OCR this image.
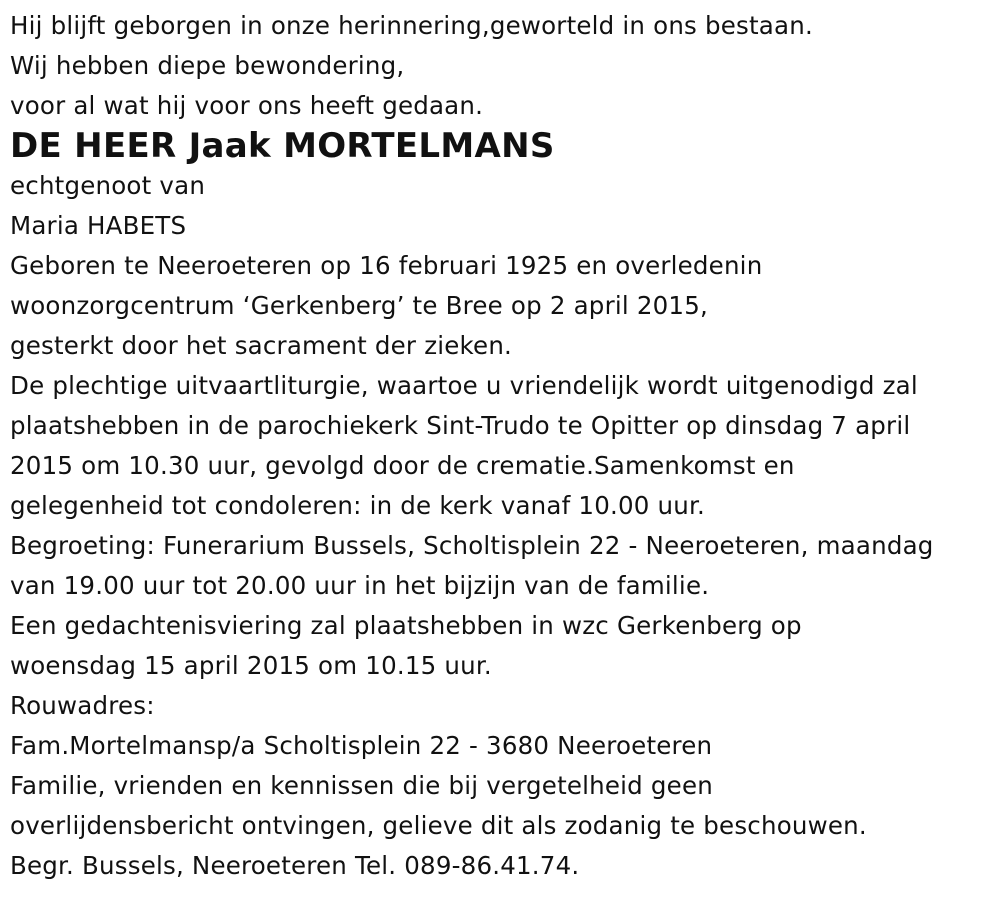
Hij blijft geborgen in onze herinnering,geworteld in ons bestaan.
Wij hebben diepe bewondering,
voor al wat hij voor ons heeft gedaan.
DE HEER Jaak MORTELMANS
echtgenoot van
Maria HABETS
Geboren te Neeroeteren op 16 februari 1925 en overledenin
woonzorgcentrum ‘Gerkenberg’ te Bree op 2 april 2015,
gesterkt door het sacrament der zieken.
De plechtige uitvaartliturgie, waartoe u vriendelijk wordt uitgenodigd zal
plaatshebben in de parochiekerk Sint-Trudo te Opitter op dinsdag 7 april
2015 om 10.30 uur, gevolgd door de crematie.Samenkomst en
gelegenheid tot condoleren: in de kerk vanaf 10.00 uur.
Begroeting: Funerarium Bussels, Scholtisplein 22 - Neeroeteren, maandag
van 19.00 uur tot 20.00 uur in het bijzijn van de familie.
Een gedachtenisviering zal plaatshebben in wzc Gerkenberg op
woensdag 15 april 2015 om 10.15 uur.
Rouwadres:
Fam.Mortelmansp/a Scholtisplein 22 - 3680 Neeroeteren
Familie, vrienden en kennissen die bij vergetelheid geen
overlijdensbericht ontvingen, gelieve dit als zodanig te beschouwen.
Begr. Bussels, Neeroeteren Tel. 089-86.41.74.
